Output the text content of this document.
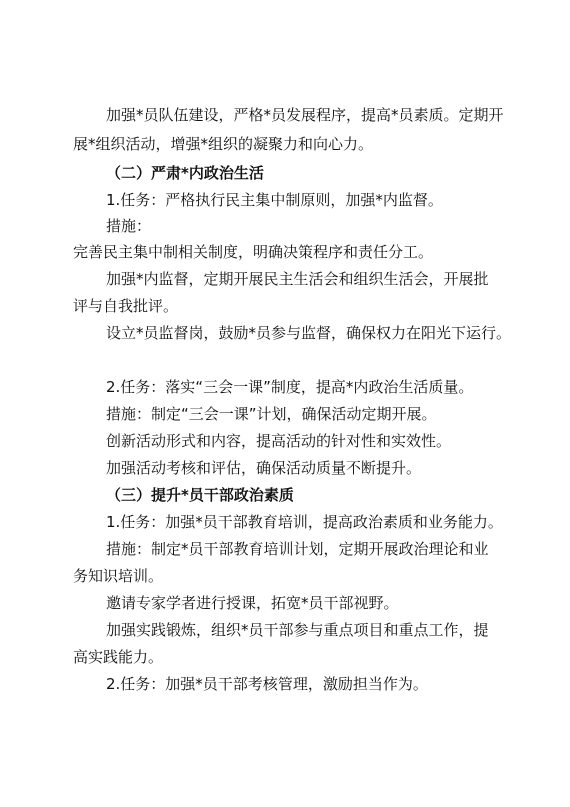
加强*员队伍建设，严格*员发展程序，提高*员素质。定期开
展*组织活动，增强*组织的凝聚力和向心力。
（二）严肃*内政治生活
1.任务：严格执行民主集中制原则，加强*内监督。
措施：
完善民主集中制相关制度，明确决策程序和责任分工。
加强*内监督，定期开展民主生活会和组织生活会，开展批
评与自我批评。
设立*员监督岗，鼓励*员参与监督，确保权力在阳光下运行。
2.任务：落实“三会一课”制度，提高*内政治生活质量。
措施：制定“三会一课”计划，确保活动定期开展。
创新活动形式和内容，提高活动的针对性和实效性。
加强活动考核和评估，确保活动质量不断提升。
（三）提升*员干部政治素质
1.任务：加强*员干部教育培训，提高政治素质和业务能力。
措施：制定*员干部教育培训计划，定期开展政治理论和业
务知识培训。
邀请专家学者进行授课，拓宽*员干部视野。
加强实践锻炼，组织*员干部参与重点项目和重点工作，提
高实践能力。
2.任务：加强*员干部考核管理，激励担当作为。
